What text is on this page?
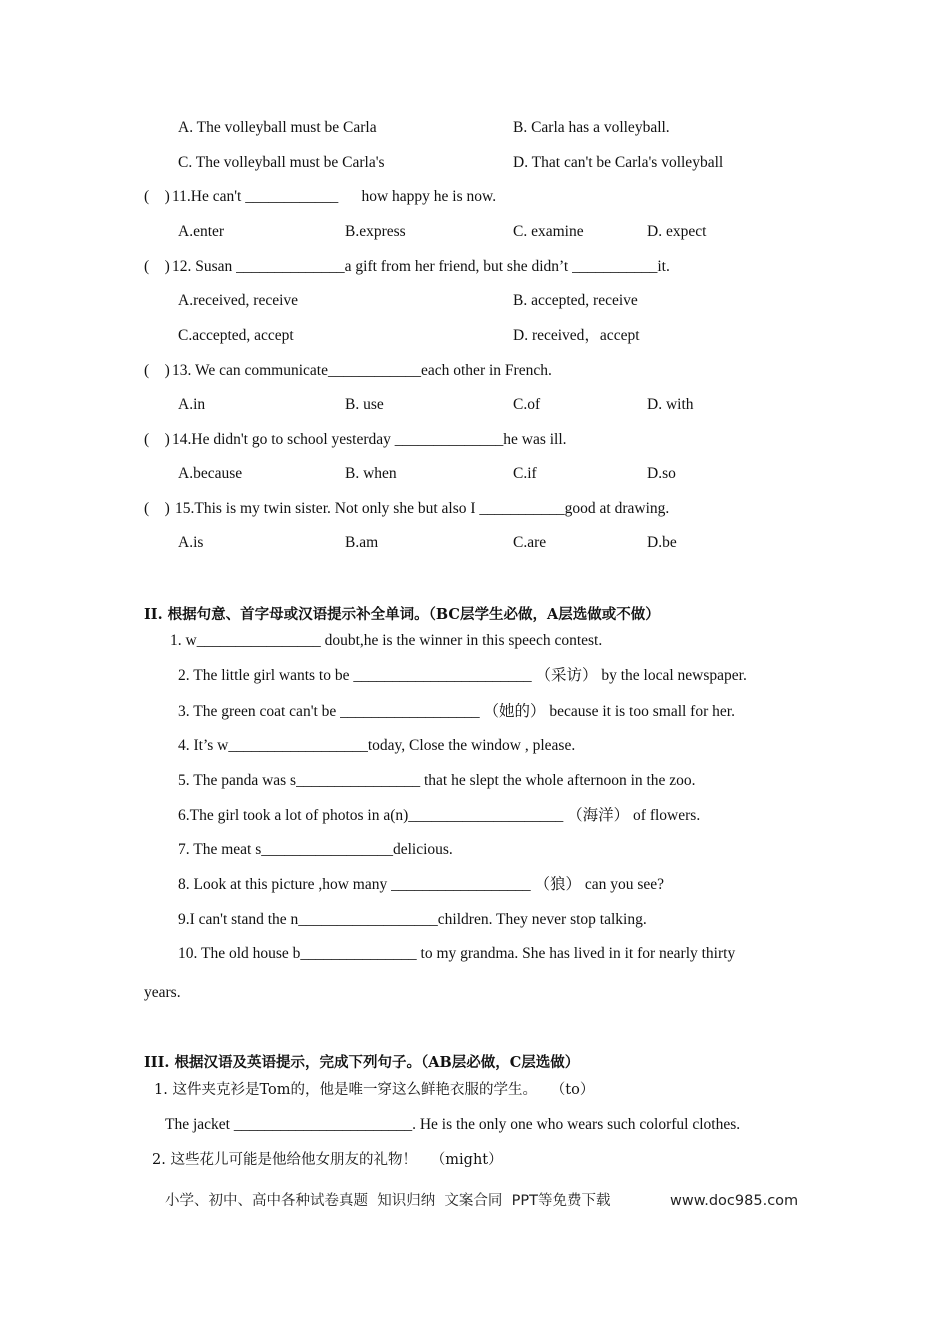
A. The volleyball must be Carla	B. Carla has a volleyball.
C. The volleyball must be Carla's	D. That can't be Carla's volleyball
(    ) 11.He can't ____________      how happy he is now.
A.enter	B.express	C. examine	D. expect
(    ) 12. Susan ______________a gift from her friend, but she didn’t ___________it.
A.received, receive	B. accepted, receive
C.accepted, accept	D. received，accept
(    ) 13. We can communicate____________each other in French.
A.in	B. use	C.of	D. with
(    ) 14.He didn't go to school yesterday ______________he was ill.
A.because	B. when	C.if	D.so
(    ) 15.This is my twin sister. Not only she but also I ___________good at drawing.
A.is	B.am	C.are	D.be
II. 根据句意、首字母或汉语提示补全单词。（BC层学生必做，A层选做或不做）
1. w________________ doubt,he is the winner in this speech contest.
2. The little girl wants to be _______________________ （采访） by the local newspaper.
3. The green coat can't be __________________ （她的） because it is too small for her.
4. It’s w__________________today, Close the window , please.
5. The panda was s________________ that he slept the whole afternoon in the zoo.
6.The girl took a lot of photos in a(n)____________________ （海洋） of flowers.
7. The meat s_________________delicious.
8. Look at this picture ,how many __________________ （狼） can you see?
9.I can't stand the n__________________children. They never stop talking.
10. The old house b_______________ to my grandma. She has lived in it for nearly thirty
years.
III. 根据汉语及英语提示，完成下列句子。（AB层必做，C层选做）
1. 这件夹克衫是Tom的，他是唯一穿这么鲜艳衣服的学生。   （to）
The jacket _______________________. He is the only one who wears such colorful clothes.
2. 这些花儿可能是他给他女朋友的礼物！   （might）
小学、初中、高中各种试卷真题  知识归纳  文案合同  PPT等免费下载	www.doc985.com
